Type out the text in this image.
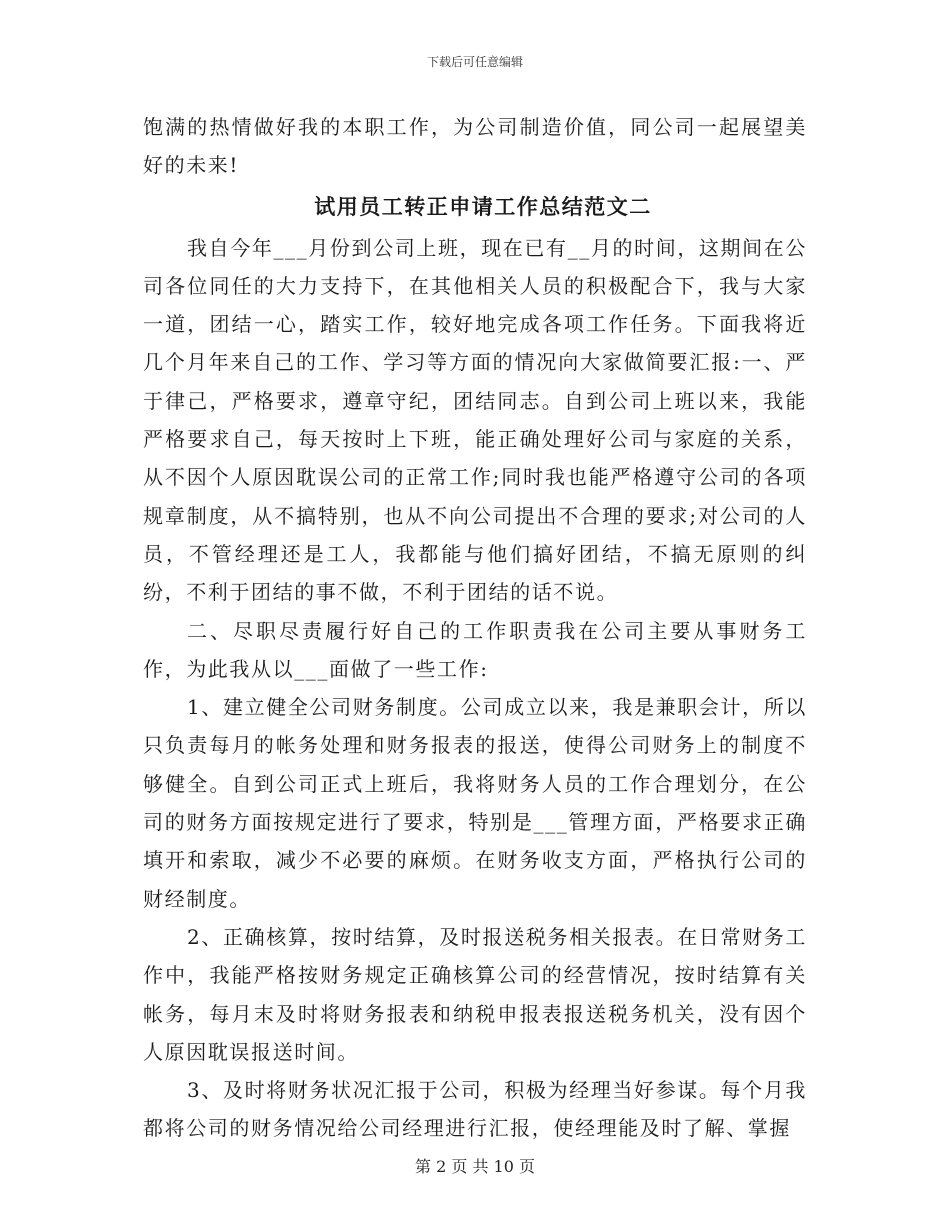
下载后可任意编辑

饱满的热情做好我的本职工作，为公司制造价值，同公司一起展望美好的未来!

试用员工转正申请工作总结范文二

我自今年___月份到公司上班，现在已有__月的时间，这期间在公司各位同任的大力支持下，在其他相关人员的积极配合下，我与大家一道，团结一心，踏实工作，较好地完成各项工作任务。下面我将近几个月年来自己的工作、学习等方面的情况向大家做简要汇报:一、严于律己，严格要求，遵章守纪，团结同志。自到公司上班以来，我能严格要求自己，每天按时上下班，能正确处理好公司与家庭的关系，从不因个人原因耽误公司的正常工作;同时我也能严格遵守公司的各项规章制度，从不搞特别，也从不向公司提出不合理的要求;对公司的人员，不管经理还是工人，我都能与他们搞好团结，不搞无原则的纠纷，不利于团结的事不做，不利于团结的话不说。

二、尽职尽责履行好自己的工作职责我在公司主要从事财务工作，为此我从以___面做了一些工作:

1、建立健全公司财务制度。公司成立以来，我是兼职会计，所以只负责每月的帐务处理和财务报表的报送，使得公司财务上的制度不够健全。自到公司正式上班后，我将财务人员的工作合理划分，在公司的财务方面按规定进行了要求，特别是___管理方面，严格要求正确填开和索取，减少不必要的麻烦。在财务收支方面，严格执行公司的财经制度。

2、正确核算，按时结算，及时报送税务相关报表。在日常财务工作中，我能严格按财务规定正确核算公司的经营情况，按时结算有关帐务，每月末及时将财务报表和纳税申报表报送税务机关，没有因个人原因耽误报送时间。

3、及时将财务状况汇报于公司，积极为经理当好参谋。每个月我都将公司的财务情况给公司经理进行汇报，使经理能及时了解、掌握

第 2 页 共 10 页
